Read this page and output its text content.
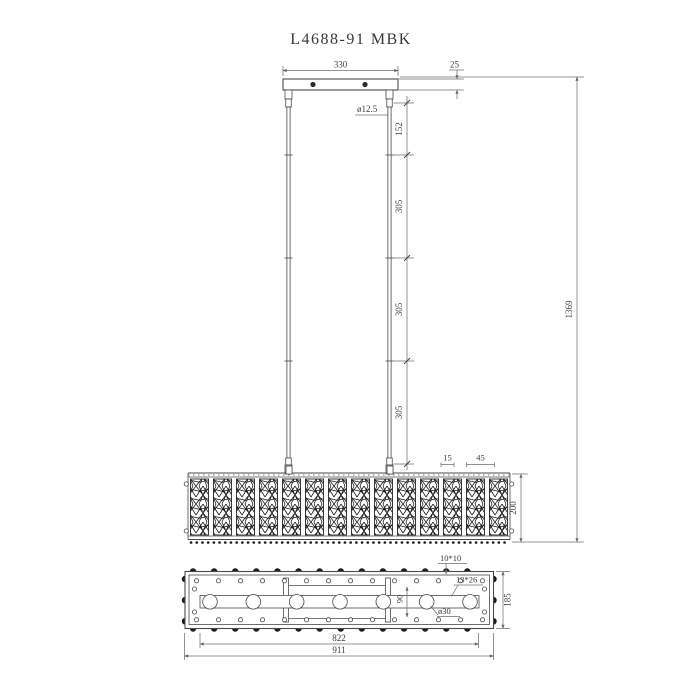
L4688-91 MBK
330	25
ø12.5
152
305
305
305
1369
15	45
200
90
ø30
10*10
13*26
185
822
911
